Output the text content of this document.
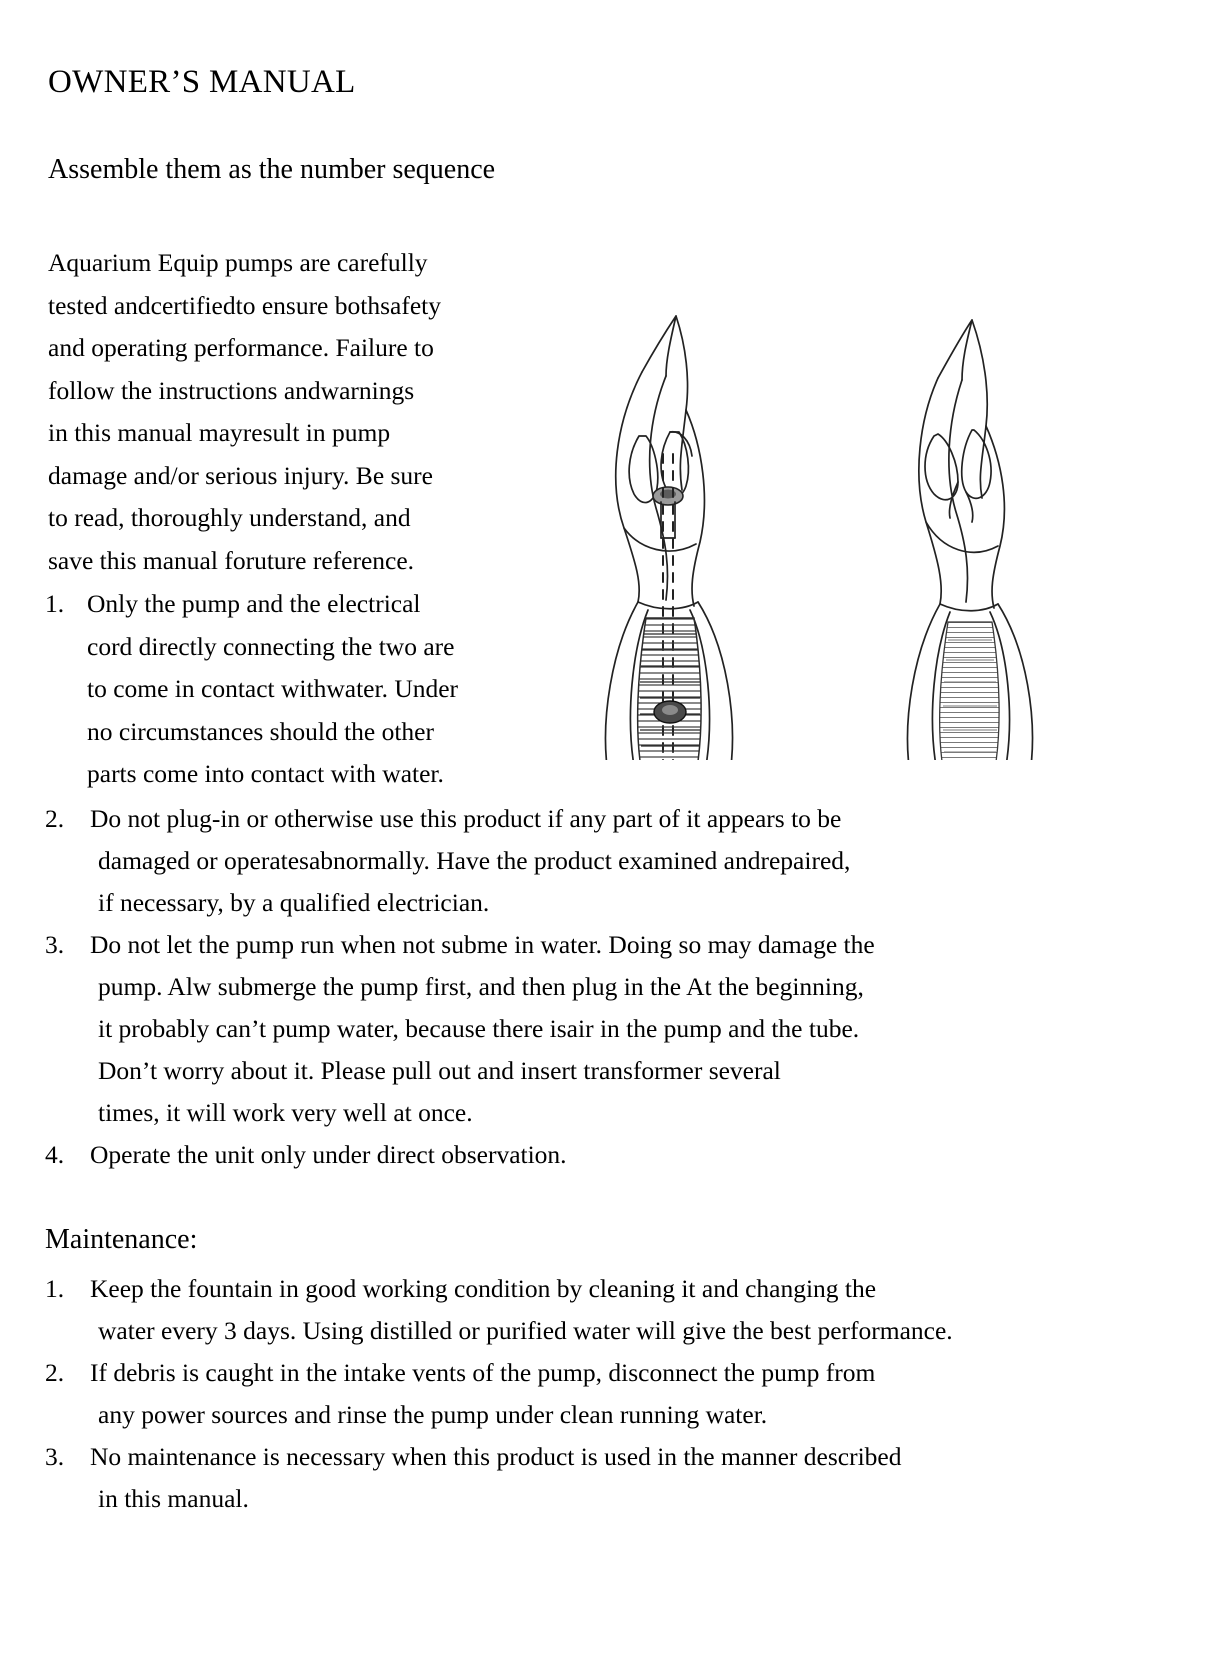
OWNER’S MANUAL
Assemble them as the number sequence
Aquarium Equip pumps are carefully
tested andcertifiedto ensure bothsafety
and operating performance. Failure to
follow the instructions andwarnings
in this manual mayresult in pump
damage and/or serious injury. Be sure
to read, thoroughly understand, and
save this manual foruture reference.
1. Only the pump and the electrical
cord directly connecting the two are
to come in contact withwater. Under
no circumstances should the other
parts come into contact with water.
2. Do not plug-in or otherwise use this product if any part of it appears to be
damaged or operatesabnormally. Have the product examined andrepaired,
if necessary, by a qualified electrician.
3. Do not let the pump run when not subme in water. Doing so may damage the
pump. Alw submerge the pump first, and then plug in the At the beginning,
it probably can’t pump water, because there isair in the pump and the tube.
Don’t worry about it. Please pull out and insert transformer several
times, it will work very well at once.
4. Operate the unit only under direct observation.
Maintenance:
1. Keep the fountain in good working condition by cleaning it and changing the
water every 3 days. Using distilled or purified water will give the best performance.
2. If debris is caught in the intake vents of the pump, disconnect the pump from
any power sources and rinse the pump under clean running water.
3. No maintenance is necessary when this product is used in the manner described
in this manual.
